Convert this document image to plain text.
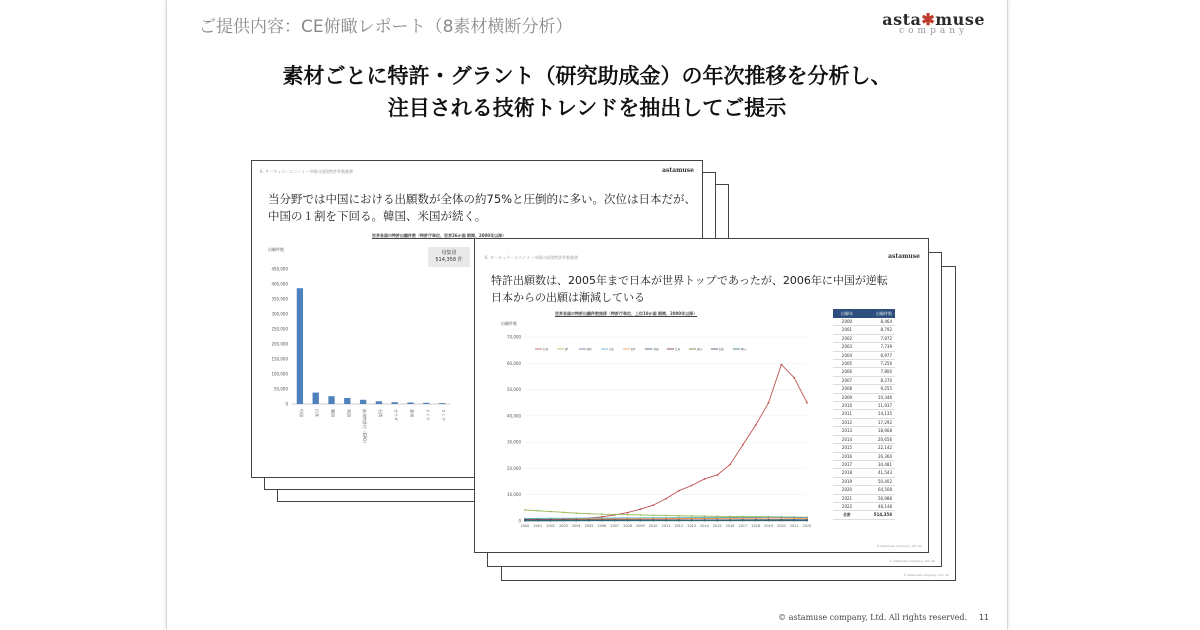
ご提供内容：CE俯瞰レポート（8素材横断分析）	asta✱muse
company
素材ごとに特許・グラント（研究助成金）の年次推移を分析し、
注目される技術トレンドを抽出してご提示
6. サーキュラーエコノミー市場の国別特許件数推移	astamuse
当分野では中国における出願数が全体の約75%と圧倒的に多い。次位は日本だが、
中国の１割を下回る。韓国、米国が続く。
世界各国の特許出願件数（特許庁単位、世界26か国 期間、2000年以降）
出願件数
母集団
514,358 件
0
50,000
100,000
150,000
200,000
250,000
300,000
350,000
400,000
450,000
中国	日本	韓国	米国	欧州特許庁（EPO）	台湾	カナダ	豪州	ドイツ	ロシア
© astamuse company, Ltd. All
© astamuse company, Ltd. All
6. サーキュラーエコノミー市場の国別特許件数推移	astamuse
特許出願数は、2005年まで日本が世界トップであったが、2006年に中国が逆転
日本からの出願は漸減している
世界各国の特許出願件数推移（特許庁単位、上位10か国 期間、2000年以降）
出願件数
0
10,000
20,000
30,000
40,000
50,000
60,000
70,000
2000 2001 2002 2003 2004 2005 2006 2007 2008 2009 2010 2011 2012 2013 2014 2015 2016 2017 2018 2019 2020 2021 2022
CN	JP	KR	US	EP	TW	CA	AU	DE	RU
出願年	出願件数
2000	8,464
2001	8,792
2002	7,872
2003	7,739
2004	6,977
2005	7,256
2006	7,800
2007	8,270
2008	9,255
2009	10,346
2010	11,937
2011	14,135
2012	17,292
2013	18,668
2014	20,656
2015	22,142
2016	26,360
2017	34,481
2018	41,543
2019	50,402
2020	64,508
2021	56,988
2022	48,148
合計	514,358
© astamuse company, Ltd. All
© astamuse company, Ltd. All rights reserved. 11
